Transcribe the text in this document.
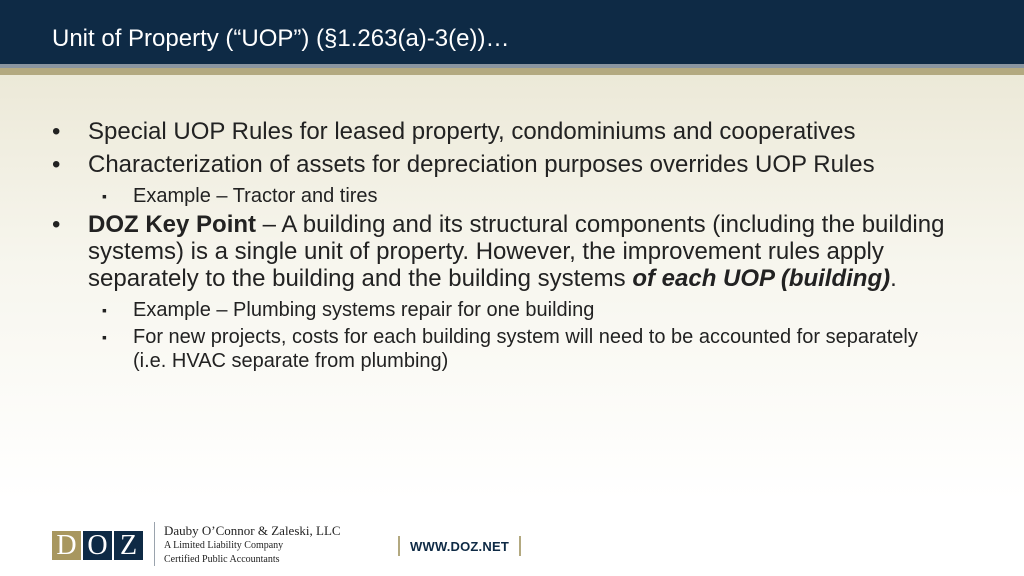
Unit of Property (“UOP”) (§1.263(a)-3(e))…
• Special UOP Rules for leased property, condominiums and cooperatives
• Characterization of assets for depreciation purposes overrides UOP Rules
▪ Example – Tractor and tires
• DOZ Key Point – A building and its structural components (including the building systems) is a single unit of property. However, the improvement rules apply separately to the building and the building systems of each UOP (building).
▪ Example – Plumbing systems repair for one building
▪ For new projects, costs for each building system will need to be accounted for separately (i.e. HVAC separate from plumbing)
D O Z	Dauby O’Connor & Zaleski, LLC
A Limited Liability Company
Certified Public Accountants
WWW.DOZ.NET
